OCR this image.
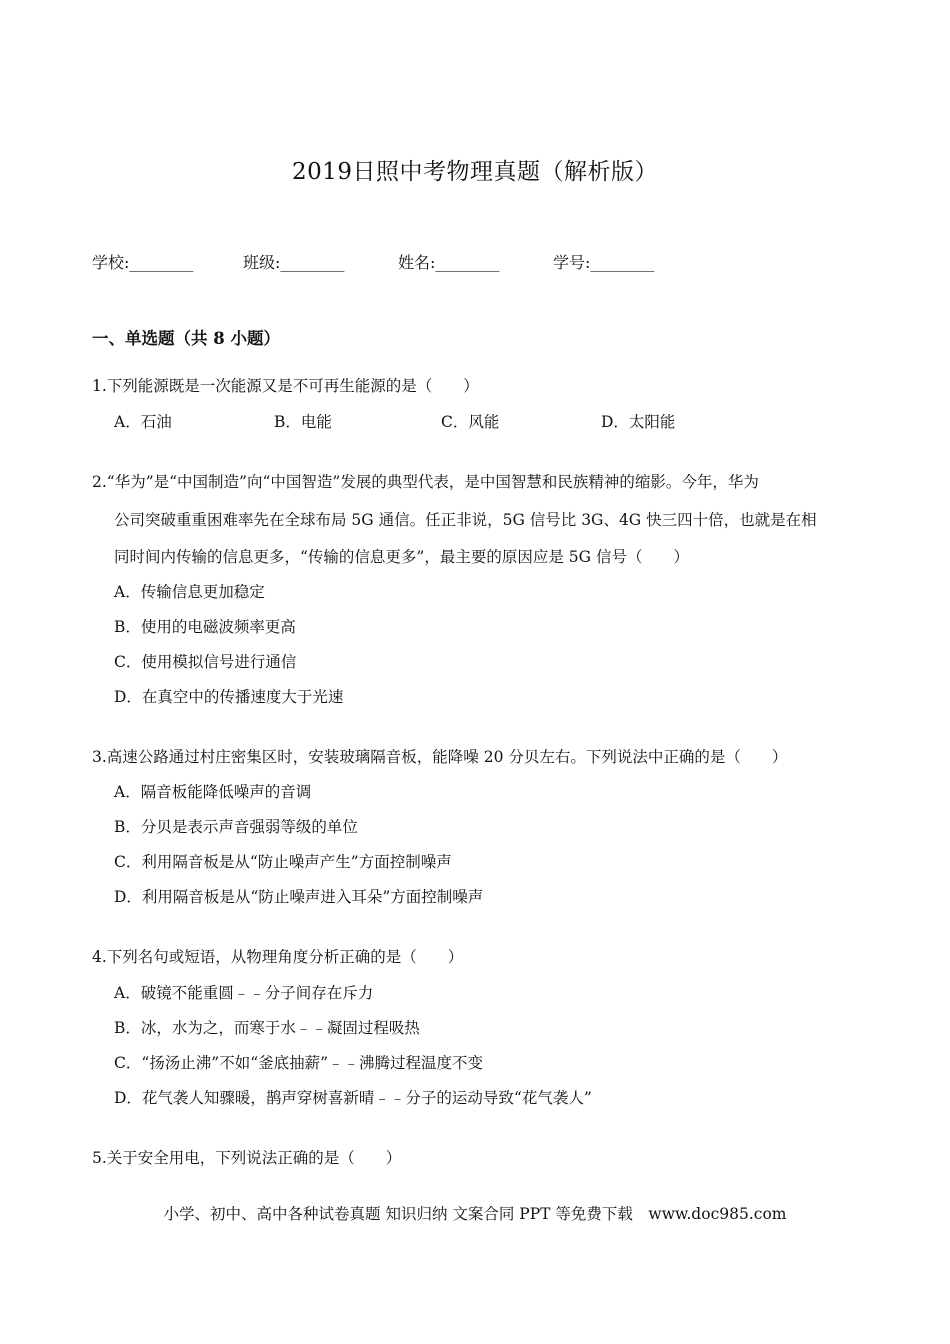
2019日照中考物理真题（解析版）
学校:________	班级:________	姓名:________	学号:________
一、单选题（共 8 小题）
1.下列能源既是一次能源又是不可再生能源的是（　　）
A．石油	B．电能	C．风能	D．太阳能
2.“华为”是“中国制造”向“中国智造”发展的典型代表，是中国智慧和民族精神的缩影。今年，华为
公司突破重重困难率先在全球布局 5G 通信。任正非说，5G 信号比 3G、4G 快三四十倍，也就是在相
同时间内传输的信息更多，“传输的信息更多”，最主要的原因应是 5G 信号（　　）
A．传输信息更加稳定
B．使用的电磁波频率更高
C．使用模拟信号进行通信
D．在真空中的传播速度大于光速
3.高速公路通过村庄密集区时，安装玻璃隔音板，能降噪 20 分贝左右。下列说法中正确的是（　　）
A．隔音板能降低噪声的音调
B．分贝是表示声音强弱等级的单位
C．利用隔音板是从“防止噪声产生”方面控制噪声
D．利用隔音板是从“防止噪声进入耳朵”方面控制噪声
4.下列名句或短语，从物理角度分析正确的是（　　）
A．破镜不能重圆﹣﹣分子间存在斥力
B．冰，水为之，而寒于水﹣﹣凝固过程吸热
C．“扬汤止沸”不如“釜底抽薪”﹣﹣沸腾过程温度不变
D．花气袭人知骤暖，鹊声穿树喜新晴﹣﹣分子的运动导致“花气袭人”
5.关于安全用电，下列说法正确的是（　　）
小学、初中、高中各种试卷真题 知识归纳 文案合同 PPT 等免费下载　www.doc985.com
